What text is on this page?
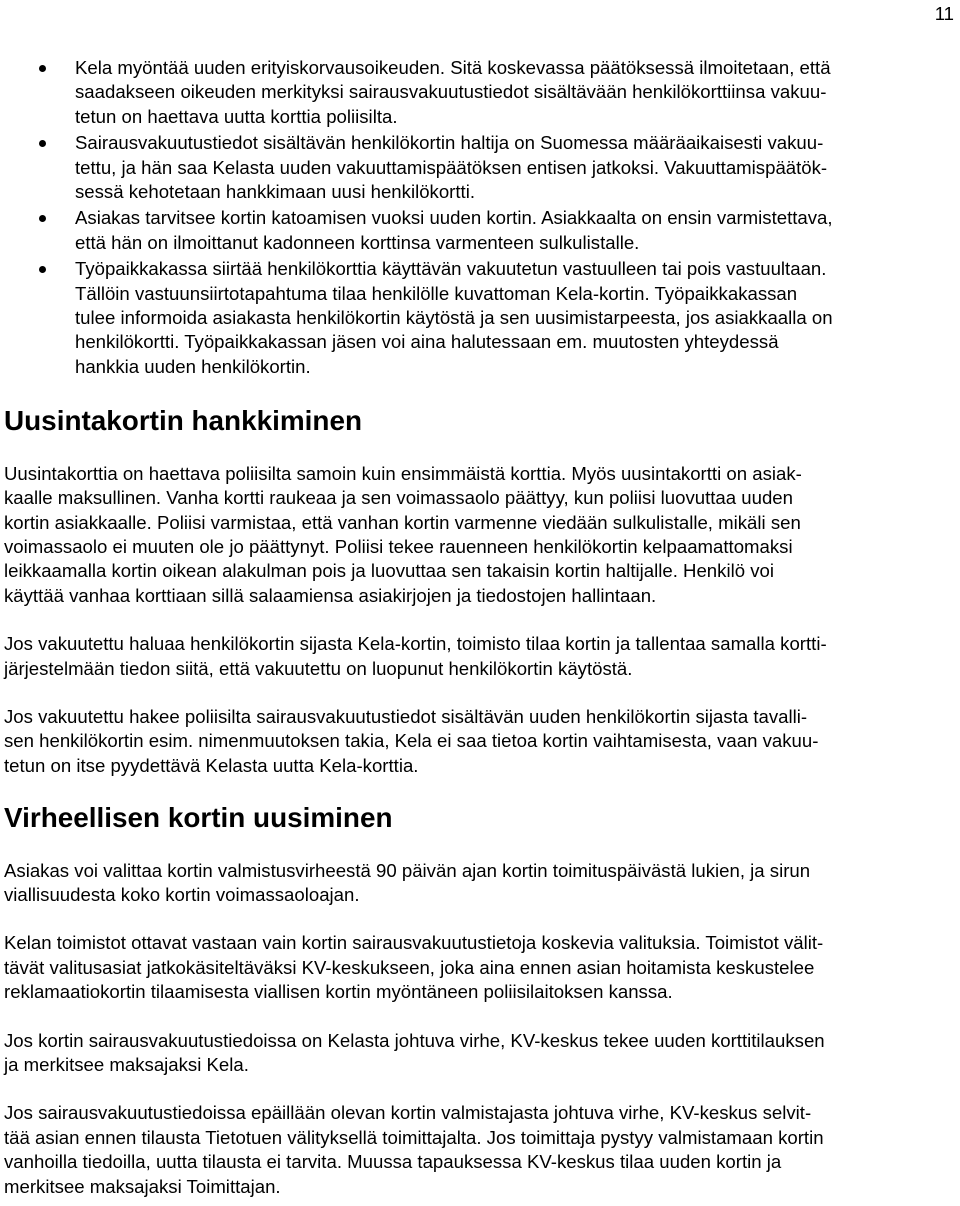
11
Kela myöntää uuden erityiskorvausoikeuden. Sitä koskevassa päätöksessä ilmoitetaan, että
saadakseen oikeuden merkityksi sairausvakuutustiedot sisältävään henkilökorttiinsa vakuu-
tetun on haettava uutta korttia poliisilta.
Sairausvakuutustiedot sisältävän henkilökortin haltija on Suomessa määräaikaisesti vakuu-
tettu, ja hän saa Kelasta uuden vakuuttamispäätöksen entisen jatkoksi. Vakuuttamispäätök-
sessä kehotetaan hankkimaan uusi henkilökortti.
Asiakas tarvitsee kortin katoamisen vuoksi uuden kortin. Asiakkaalta on ensin varmistettava,
että hän on ilmoittanut kadonneen korttinsa varmenteen sulkulistalle.
Työpaikkakassa siirtää henkilökorttia käyttävän vakuutetun vastuulleen tai pois vastuultaan.
Tällöin vastuunsiirtotapahtuma tilaa henkilölle kuvattoman Kela-kortin. Työpaikkakassan
tulee informoida asiakasta henkilökortin käytöstä ja sen uusimistarpeesta, jos asiakkaalla on
henkilökortti. Työpaikkakassan jäsen voi aina halutessaan em. muutosten yhteydessä
hankkia uuden henkilökortin.
Uusintakortin hankkiminen

Uusintakorttia on haettava poliisilta samoin kuin ensimmäistä korttia. Myös uusintakortti on asiak-
kaalle maksullinen. Vanha kortti raukeaa ja sen voimassaolo päättyy, kun poliisi luovuttaa uuden
kortin asiakkaalle. Poliisi varmistaa, että vanhan kortin varmenne viedään sulkulistalle, mikäli sen
voimassaolo ei muuten ole jo päättynyt. Poliisi tekee rauenneen henkilökortin kelpaamattomaksi
leikkaamalla kortin oikean alakulman pois ja luovuttaa sen takaisin kortin haltijalle. Henkilö voi
käyttää vanhaa korttiaan sillä salaamiensa asiakirjojen ja tiedostojen hallintaan.

Jos vakuutettu haluaa henkilökortin sijasta Kela-kortin, toimisto tilaa kortin ja tallentaa samalla kortti-
järjestelmään tiedon siitä, että vakuutettu on luopunut henkilökortin käytöstä.

Jos vakuutettu hakee poliisilta sairausvakuutustiedot sisältävän uuden henkilökortin sijasta tavalli-
sen henkilökortin esim. nimenmuutoksen takia, Kela ei saa tietoa kortin vaihtamisesta, vaan vakuu-
tetun on itse pyydettävä Kelasta uutta Kela-korttia.

Virheellisen kortin uusiminen

Asiakas voi valittaa kortin valmistusvirheestä 90 päivän ajan kortin toimituspäivästä lukien, ja sirun
viallisuudesta koko kortin voimassaoloajan.

Kelan toimistot ottavat vastaan vain kortin sairausvakuutustietoja koskevia valituksia. Toimistot välit-
tävät valitusasiat jatkokäsiteltäväksi KV-keskukseen, joka aina ennen asian hoitamista keskustelee
reklamaatiokortin tilaamisesta viallisen kortin myöntäneen poliisilaitoksen kanssa.

Jos kortin sairausvakuutustiedoissa on Kelasta johtuva virhe, KV-keskus tekee uuden korttitilauksen
ja merkitsee maksajaksi Kela.

Jos sairausvakuutustiedoissa epäillään olevan kortin valmistajasta johtuva virhe, KV-keskus selvit-
tää asian ennen tilausta Tietotuen välityksellä toimittajalta. Jos toimittaja pystyy valmistamaan kortin
vanhoilla tiedoilla, uutta tilausta ei tarvita. Muussa tapauksessa KV-keskus tilaa uuden kortin ja
merkitsee maksajaksi Toimittajan.
